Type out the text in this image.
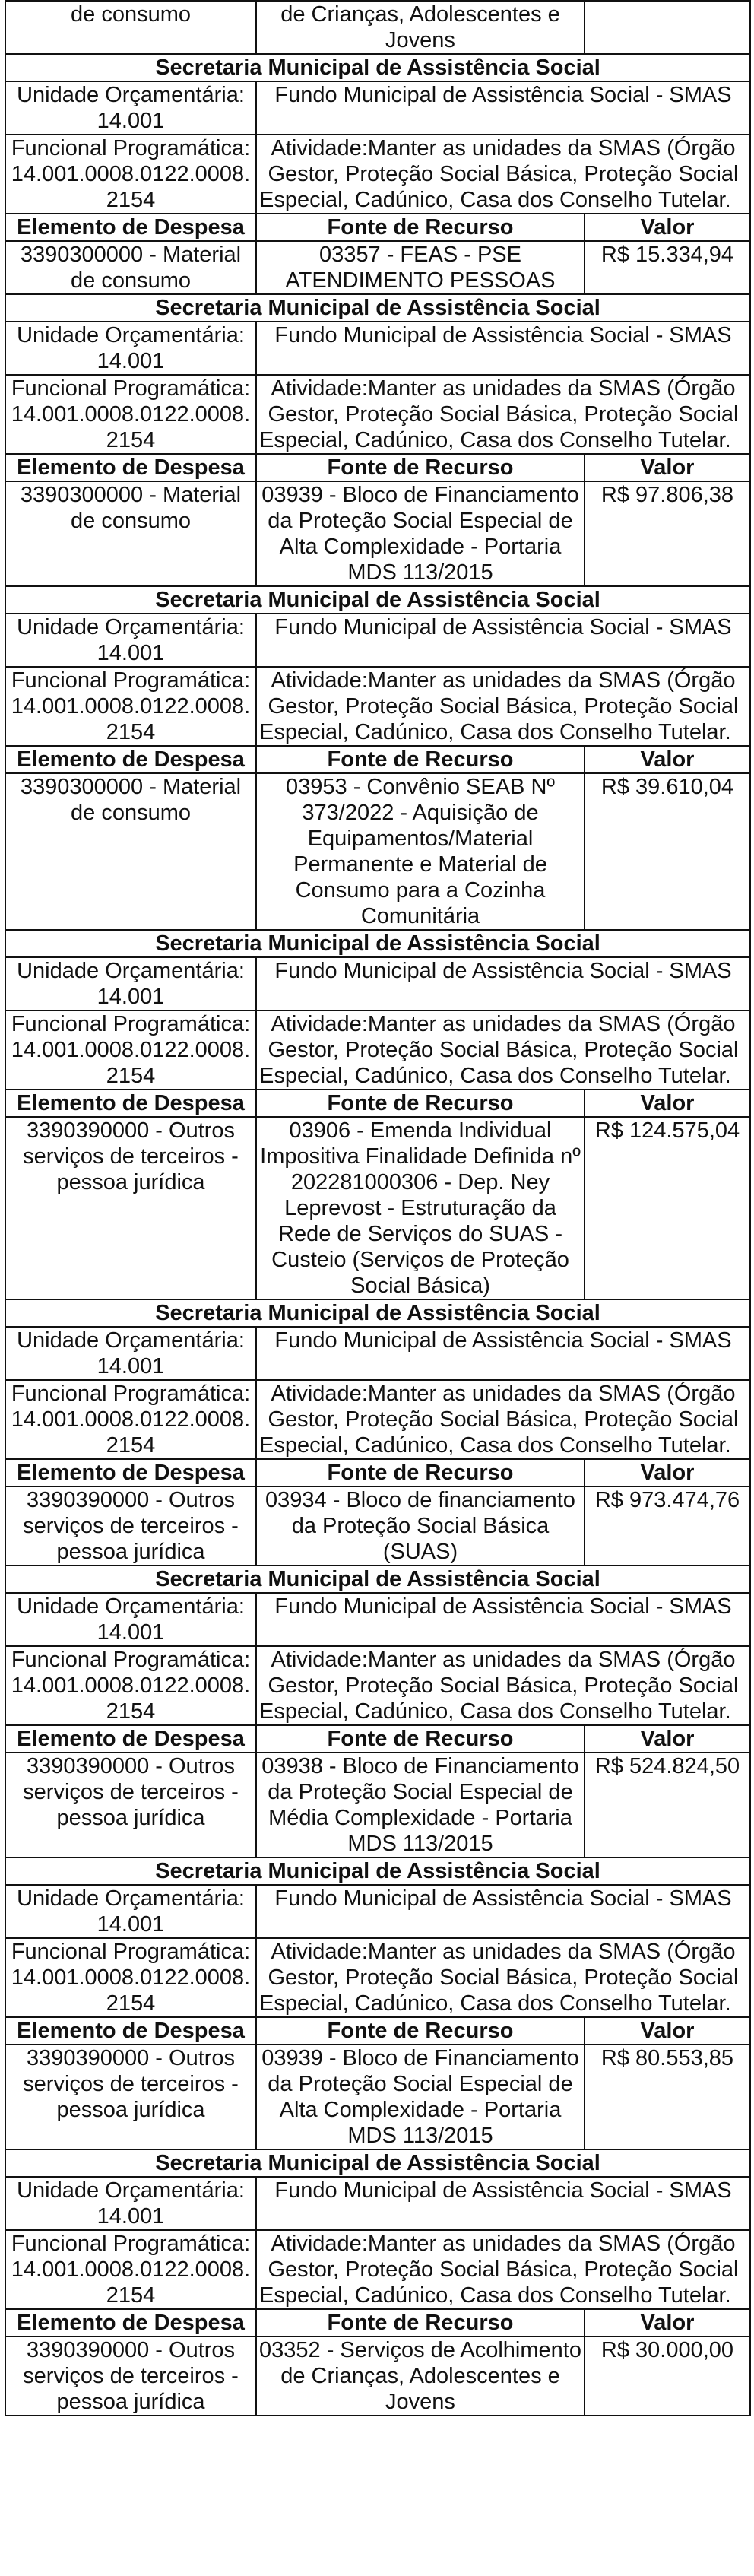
de consumo	de Crianças, Adolescentes e Jovens	
Secretaria Municipal de Assistência Social		
Unidade Orçamentária: 14.001	Fundo Municipal de Assistência Social - SMAS	
Funcional Programática: 14.001.0008.0122.0008.2154	Atividade:Manter as unidades da SMAS (Órgão Gestor, Proteção Social Básica, Proteção Social Especial, Cadúnico, Casa dos Conselho Tutelar.	
Elemento de Despesa	Fonte de Recurso	Valor
3390300000 - Material de consumo	03357 - FEAS - PSE ATENDIMENTO PESSOAS	R$ 15.334,94
Secretaria Municipal de Assistência Social		
Unidade Orçamentária: 14.001	Fundo Municipal de Assistência Social - SMAS	
Funcional Programática: 14.001.0008.0122.0008.2154	Atividade:Manter as unidades da SMAS (Órgão Gestor, Proteção Social Básica, Proteção Social Especial, Cadúnico, Casa dos Conselho Tutelar.	
Elemento de Despesa	Fonte de Recurso	Valor
3390300000 - Material de consumo	03939 - Bloco de Financiamento da Proteção Social Especial de Alta Complexidade - Portaria MDS 113/2015	R$ 97.806,38
Secretaria Municipal de Assistência Social		
Unidade Orçamentária: 14.001	Fundo Municipal de Assistência Social - SMAS	
Funcional Programática: 14.001.0008.0122.0008.2154	Atividade:Manter as unidades da SMAS (Órgão Gestor, Proteção Social Básica, Proteção Social Especial, Cadúnico, Casa dos Conselho Tutelar.	
Elemento de Despesa	Fonte de Recurso	Valor
3390300000 - Material de consumo	03953 - Convênio SEAB Nº 373/2022 - Aquisição de Equipamentos/Material Permanente e Material de Consumo para a Cozinha Comunitária	R$ 39.610,04
Secretaria Municipal de Assistência Social		
Unidade Orçamentária: 14.001	Fundo Municipal de Assistência Social - SMAS	
Funcional Programática: 14.001.0008.0122.0008.2154	Atividade:Manter as unidades da SMAS (Órgão Gestor, Proteção Social Básica, Proteção Social Especial, Cadúnico, Casa dos Conselho Tutelar.	
Elemento de Despesa	Fonte de Recurso	Valor
3390390000 - Outros serviços de terceiros - pessoa jurídica	03906 - Emenda Individual Impositiva Finalidade Definida nº 202281000306 - Dep. Ney Leprevost - Estruturação da Rede de Serviços do SUAS - Custeio (Serviços de Proteção Social Básica)	R$ 124.575,04
Secretaria Municipal de Assistência Social		
Unidade Orçamentária: 14.001	Fundo Municipal de Assistência Social - SMAS	
Funcional Programática: 14.001.0008.0122.0008.2154	Atividade:Manter as unidades da SMAS (Órgão Gestor, Proteção Social Básica, Proteção Social Especial, Cadúnico, Casa dos Conselho Tutelar.	
Elemento de Despesa	Fonte de Recurso	Valor
3390390000 - Outros serviços de terceiros - pessoa jurídica	03934 - Bloco de financiamento da Proteção Social Básica (SUAS)	R$ 973.474,76
Secretaria Municipal de Assistência Social		
Unidade Orçamentária: 14.001	Fundo Municipal de Assistência Social - SMAS	
Funcional Programática: 14.001.0008.0122.0008.2154	Atividade:Manter as unidades da SMAS (Órgão Gestor, Proteção Social Básica, Proteção Social Especial, Cadúnico, Casa dos Conselho Tutelar.	
Elemento de Despesa	Fonte de Recurso	Valor
3390390000 - Outros serviços de terceiros - pessoa jurídica	03938 - Bloco de Financiamento da Proteção Social Especial de Média Complexidade - Portaria MDS 113/2015	R$ 524.824,50
Secretaria Municipal de Assistência Social		
Unidade Orçamentária: 14.001	Fundo Municipal de Assistência Social - SMAS	
Funcional Programática: 14.001.0008.0122.0008.2154	Atividade:Manter as unidades da SMAS (Órgão Gestor, Proteção Social Básica, Proteção Social Especial, Cadúnico, Casa dos Conselho Tutelar.	
Elemento de Despesa	Fonte de Recurso	Valor
3390390000 - Outros serviços de terceiros - pessoa jurídica	03939 - Bloco de Financiamento da Proteção Social Especial de Alta Complexidade - Portaria MDS 113/2015	R$ 80.553,85
Secretaria Municipal de Assistência Social		
Unidade Orçamentária: 14.001	Fundo Municipal de Assistência Social - SMAS	
Funcional Programática: 14.001.0008.0122.0008.2154	Atividade:Manter as unidades da SMAS (Órgão Gestor, Proteção Social Básica, Proteção Social Especial, Cadúnico, Casa dos Conselho Tutelar.	
Elemento de Despesa	Fonte de Recurso	Valor
3390390000 - Outros serviços de terceiros - pessoa jurídica	03352 - Serviços de Acolhimento de Crianças, Adolescentes e Jovens	R$ 30.000,00
